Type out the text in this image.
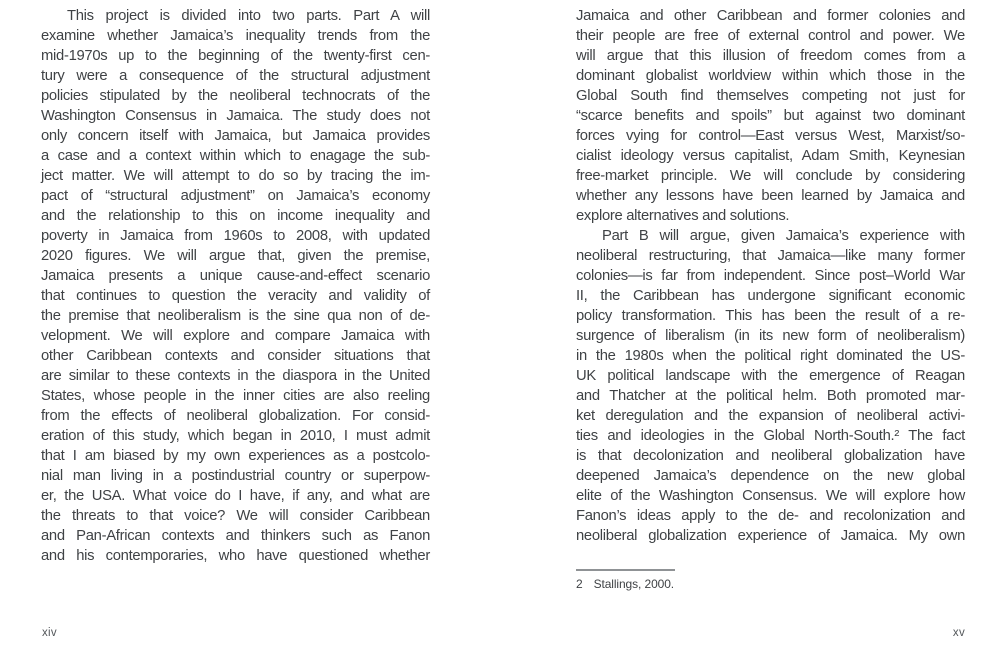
This project is divided into two parts. Part A will
examine whether Jamaica’s inequality trends from the
mid-1970s up to the beginning of the twenty-first cen-
tury were a consequence of the structural adjustment
policies stipulated by the neoliberal technocrats of the
Washington Consensus in Jamaica. The study does not
only concern itself with Jamaica, but Jamaica provides
a case and a context within which to enagage the sub-
ject matter. We will attempt to do so by tracing the im-
pact of “structural adjustment” on Jamaica’s economy
and the relationship to this on income inequality and
poverty in Jamaica from 1960s to 2008, with updated
2020 figures. We will argue that, given the premise,
Jamaica presents a unique cause-and-effect scenario
that continues to question the veracity and validity of
the premise that neoliberalism is the sine qua non of de-
velopment. We will explore and compare Jamaica with
other Caribbean contexts and consider situations that
are similar to these contexts in the diaspora in the United
States, whose people in the inner cities are also reeling
from the effects of neoliberal globalization. For consid-
eration of this study, which began in 2010, I must admit
that I am biased by my own experiences as a postcolo-
nial man living in a postindustrial country or superpow-
er, the USA. What voice do I have, if any, and what are
the threats to that voice? We will consider Caribbean
and Pan-African contexts and thinkers such as Fanon
and his contemporaries, who have questioned whether
Jamaica and other Caribbean and former colonies and
their people are free of external control and power. We
will argue that this illusion of freedom comes from a
dominant globalist worldview within which those in the
Global South find themselves competing not just for
“scarce benefits and spoils” but against two dominant
forces vying for control—East versus West, Marxist/so-
cialist ideology versus capitalist, Adam Smith, Keynesian
free-market principle. We will conclude by considering
whether any lessons have been learned by Jamaica and
explore alternatives and solutions.
Part B will argue, given Jamaica’s experience with
neoliberal restructuring, that Jamaica—like many former
colonies—is far from independent. Since post–World War
II, the Caribbean has undergone significant economic
policy transformation. This has been the result of a re-
surgence of liberalism (in its new form of neoliberalism)
in the 1980s when the political right dominated the US-
UK political landscape with the emergence of Reagan
and Thatcher at the political helm. Both promoted mar-
ket deregulation and the expansion of neoliberal activi-
ties and ideologies in the Global North-South.² The fact
is that decolonization and neoliberal globalization have
deepened Jamaica’s dependence on the new global
elite of the Washington Consensus. We will explore how
Fanon’s ideas apply to the de- and recolonization and
neoliberal globalization experience of Jamaica. My own
2 Stallings, 2000.
xiv	xv
